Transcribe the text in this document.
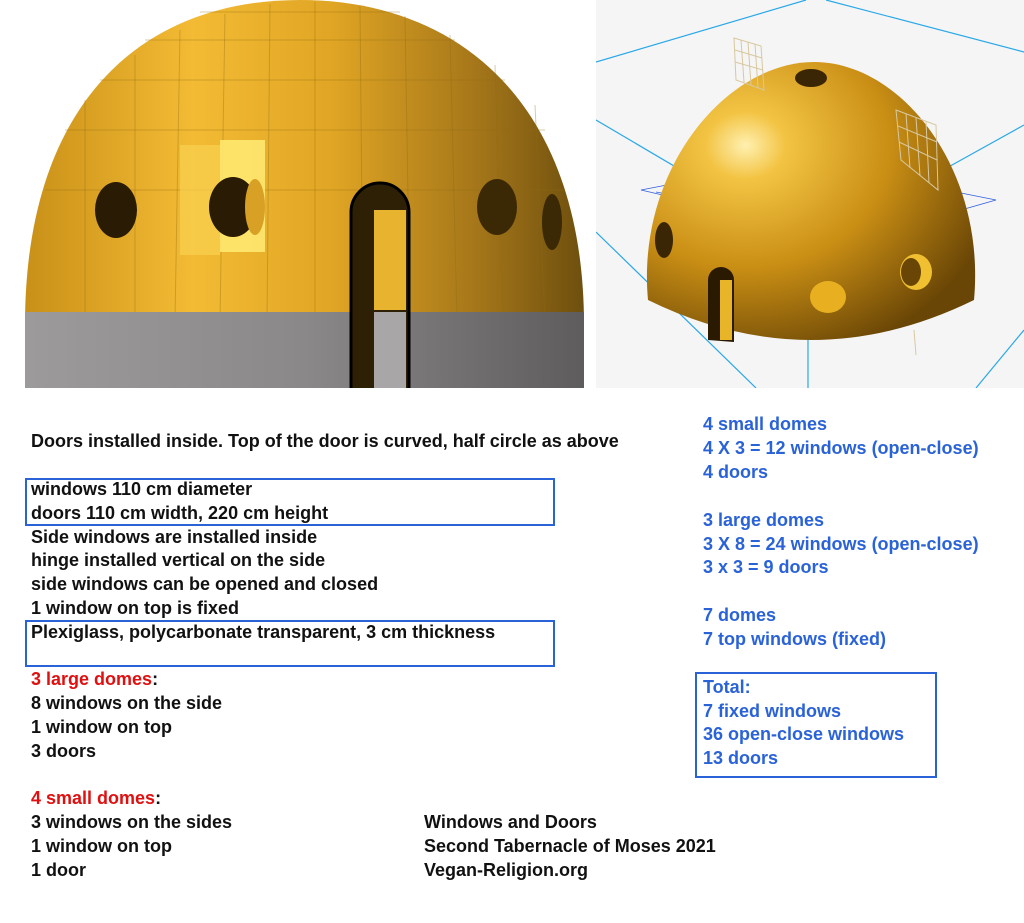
Doors installed inside. Top of the door is curved, half circle as above
windows 110 cm diameter
doors 110 cm width, 220 cm height
Side windows are installed inside
hinge installed vertical on the side
side windows can be opened and closed
1 window on top is fixed
Plexiglass, polycarbonate transparent, 3 cm thickness
3 large domes:
8 windows on the side
1 window on top
3 doors
4 small domes:
3 windows on the sides
1 window on top
1 door
Windows and Doors
Second Tabernacle of Moses 2021
Vegan-Religion.org
4 small domes
4 X 3 = 12 windows (open-close)
4 doors
3 large domes
3 X 8 = 24 windows (open-close)
3 x 3 = 9 doors
7 domes
7 top windows (fixed)
Total:
7 fixed windows
36 open-close windows
13 doors
